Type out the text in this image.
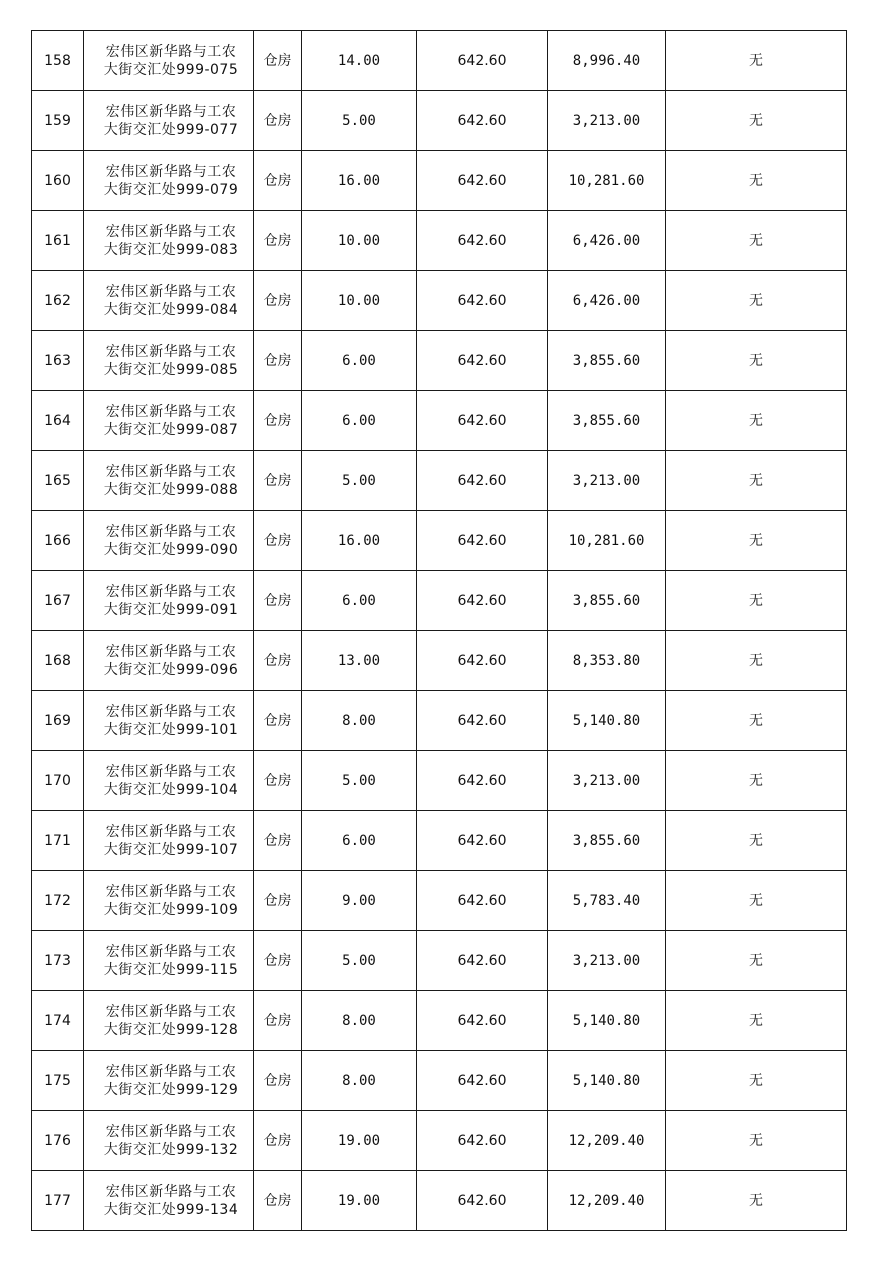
158	宏伟区新华路与工农
大街交汇处999-075	仓房	14.00	642.60	8,996.40	无
159	宏伟区新华路与工农
大街交汇处999-077	仓房	5.00	642.60	3,213.00	无
160	宏伟区新华路与工农
大街交汇处999-079	仓房	16.00	642.60	10,281.60	无
161	宏伟区新华路与工农
大街交汇处999-083	仓房	10.00	642.60	6,426.00	无
162	宏伟区新华路与工农
大街交汇处999-084	仓房	10.00	642.60	6,426.00	无
163	宏伟区新华路与工农
大街交汇处999-085	仓房	6.00	642.60	3,855.60	无
164	宏伟区新华路与工农
大街交汇处999-087	仓房	6.00	642.60	3,855.60	无
165	宏伟区新华路与工农
大街交汇处999-088	仓房	5.00	642.60	3,213.00	无
166	宏伟区新华路与工农
大街交汇处999-090	仓房	16.00	642.60	10,281.60	无
167	宏伟区新华路与工农
大街交汇处999-091	仓房	6.00	642.60	3,855.60	无
168	宏伟区新华路与工农
大街交汇处999-096	仓房	13.00	642.60	8,353.80	无
169	宏伟区新华路与工农
大街交汇处999-101	仓房	8.00	642.60	5,140.80	无
170	宏伟区新华路与工农
大街交汇处999-104	仓房	5.00	642.60	3,213.00	无
171	宏伟区新华路与工农
大街交汇处999-107	仓房	6.00	642.60	3,855.60	无
172	宏伟区新华路与工农
大街交汇处999-109	仓房	9.00	642.60	5,783.40	无
173	宏伟区新华路与工农
大街交汇处999-115	仓房	5.00	642.60	3,213.00	无
174	宏伟区新华路与工农
大街交汇处999-128	仓房	8.00	642.60	5,140.80	无
175	宏伟区新华路与工农
大街交汇处999-129	仓房	8.00	642.60	5,140.80	无
176	宏伟区新华路与工农
大街交汇处999-132	仓房	19.00	642.60	12,209.40	无
177	宏伟区新华路与工农
大街交汇处999-134	仓房	19.00	642.60	12,209.40	无
